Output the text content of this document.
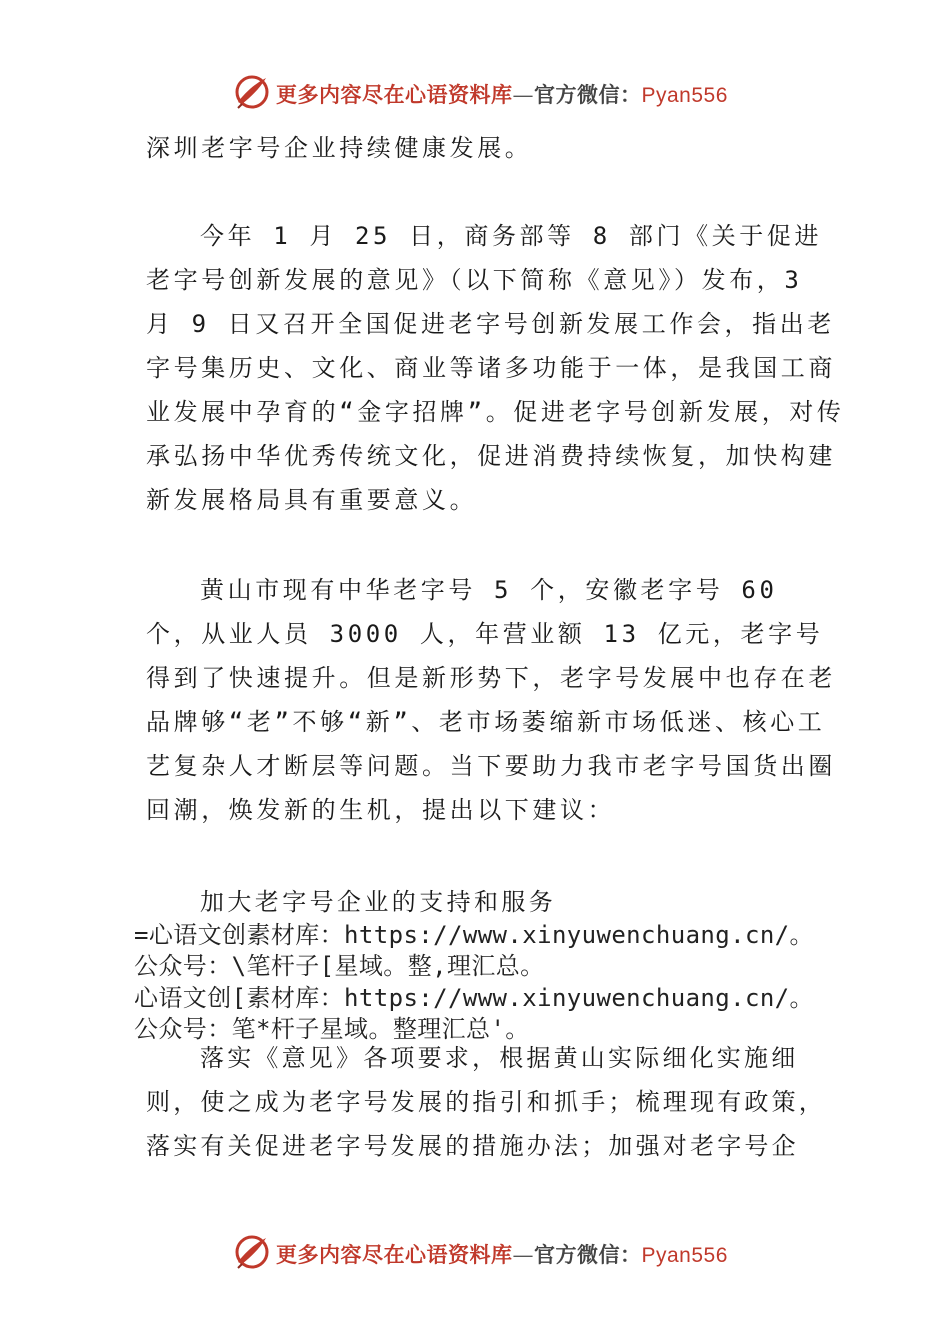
更多内容尽在心语资料库—官方微信：Pyan556

深圳老字号企业持续健康发展。

今年 1 月 25 日，商务部等 8 部门《关于促进老字号创新发展的意见》（以下简称《意见》）发布，3 月 9 日又召开全国促进老字号创新发展工作会，指出老字号集历史、文化、商业等诸多功能于一体，是我国工商业发展中孕育的“金字招牌”。促进老字号创新发展，对传承弘扬中华优秀传统文化，促进消费持续恢复，加快构建新发展格局具有重要意义。

黄山市现有中华老字号 5 个，安徽老字号 60 个，从业人员 3000 人，年营业额 13 亿元，老字号得到了快速提升。但是新形势下，老字号发展中也存在老品牌够“老”不够“新”、老市场萎缩新市场低迷、核心工艺复杂人才断层等问题。当下要助力我市老字号国货出圈回潮，焕发新的生机，提出以下建议：

加大老字号企业的支持和服务

=心语文创素材库：https://www.xinyuwenchuang.cn/。公众号：\笔杆子[星域。整,理汇总。

心语文创[素材库：https://www.xinyuwenchuang.cn/。公众号：笔*杆子星域。整理汇总'。

落实《意见》各项要求，根据黄山实际细化实施细则，使之成为老字号发展的指引和抓手；梳理现有政策，落实有关促进老字号发展的措施办法；加强对老字号企

更多内容尽在心语资料库—官方微信：Pyan556
